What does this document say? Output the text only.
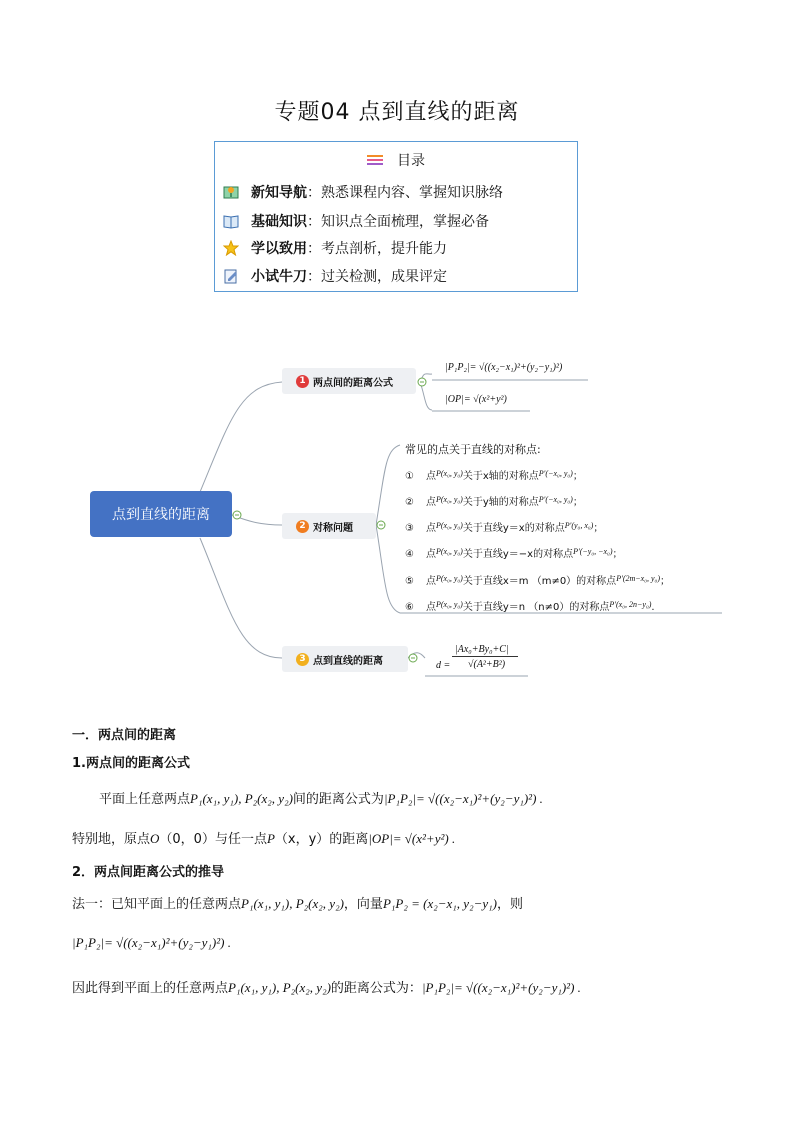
专题04 点到直线的距离
目录
新知导航：熟悉课程内容、掌握知识脉络
基础知识：知识点全面梳理，掌握必备
学以致用：考点剖析，提升能力
小试牛刀：过关检测，成果评定
点到直线的距离
1 两点间的距离公式
2 对称问题
3 点到直线的距离
|P₁P₂|= √((x₂−x₁)²+(y₂−y₁)²)
|OP|= √(x²+y²)
常见的点关于直线的对称点:
① 点$^{P(x_0, y_0)}$关于x轴的对称点$^{P'(-x_0, y_0)}$；
② 点$^{P(x_0, y_0)}$关于y轴的对称点$^{P'(-x_0, y_0)}$；
③ 点$^{P(x_0, y_0)}$关于直线y＝x的对称点$^{P'(y_0, x_0)}$；
④ 点$^{P(x_0, y_0)}$关于直线y＝−x的对称点$^{P'(-y_0, -x_0)}$；
⑤ 点$^{P(x_0, y_0)}$关于直线x＝m （m≠0）的对称点$^{P'(2m-x_0, y_0)}$；
⑥ 点$^{P(x_0, y_0)}$关于直线y＝n （n≠0）的对称点$^{P'(x_0, 2n-y_0)}$.
|Ax₀+By₀+C|
d = √(A²+B²)
一．两点间的距离
1.两点间的距离公式
平面上任意两点P₁(x₁, y₁), P₂(x₂, y₂)间的距离公式为|P₁P₂|= √((x₂−x₁)²+(y₂−y₁)²) .
特别地，原点O（0，0）与任一点P（x，y）的距离|OP|= √(x²+y²) .
2．两点间距离公式的推导
法一：已知平面上的任意两点P₁(x₁, y₁), P₂(x₂, y₂)，向量P₁P₂ = (x₂−x₁, y₂−y₁)，则
|P₁P₂|= √((x₂−x₁)²+(y₂−y₁)²) .
因此得到平面上的任意两点P₁(x₁, y₁), P₂(x₂, y₂)的距离公式为：|P₁P₂|= √((x₂−x₁)²+(y₂−y₁)²) .
